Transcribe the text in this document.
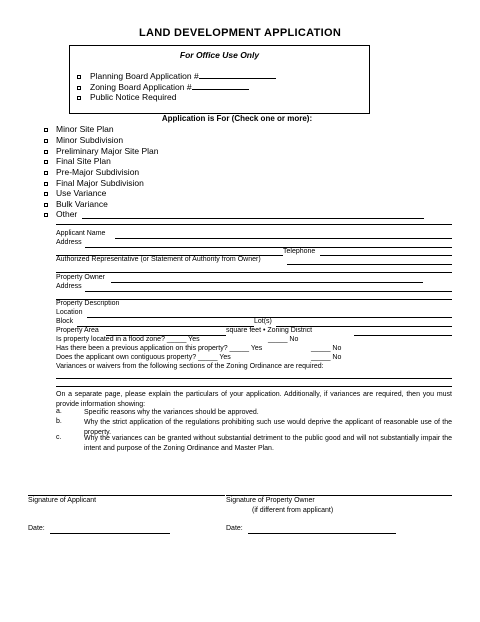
LAND DEVELOPMENT APPLICATION
For Office Use Only
Planning Board Application #
Zoning Board Application #
Public Notice Required
Application is For (Check one or more):
Minor Site Plan
Minor Subdivision
Preliminary Major Site Plan
Final Site Plan
Pre-Major Subdivision
Final Major Subdivision
Use Variance
Bulk Variance
Other
Applicant Name
Address
Telephone
Authorized Representative (or Statement of Authority from Owner)
Property Owner
Address
Property Description
Location
Block	Lot(s)
Property Area	square feet • Zoning District
Is property located in a flood zone? _____ Yes	_____ No
Has there been a previous application on this property? _____ Yes	_____ No
Does the applicant own contiguous property? _____ Yes	_____ No
Variances or waivers from the following sections of the Zoning Ordinance are required:
On a separate page, please explain the particulars of your application. Additionally, if variances are required, then you must provide information showing:
a.	Specific reasons why the variances should be approved.
b.	Why the strict application of the regulations prohibiting such use would deprive the applicant of reasonable use of the property.
c.	Why the variances can be granted without substantial detriment to the public good and will not substantially impair the intent and purpose of the Zoning Ordinance and Master Plan.
Signature of Applicant	Signature of Property Owner
(if different from applicant)
Date:	Date:
